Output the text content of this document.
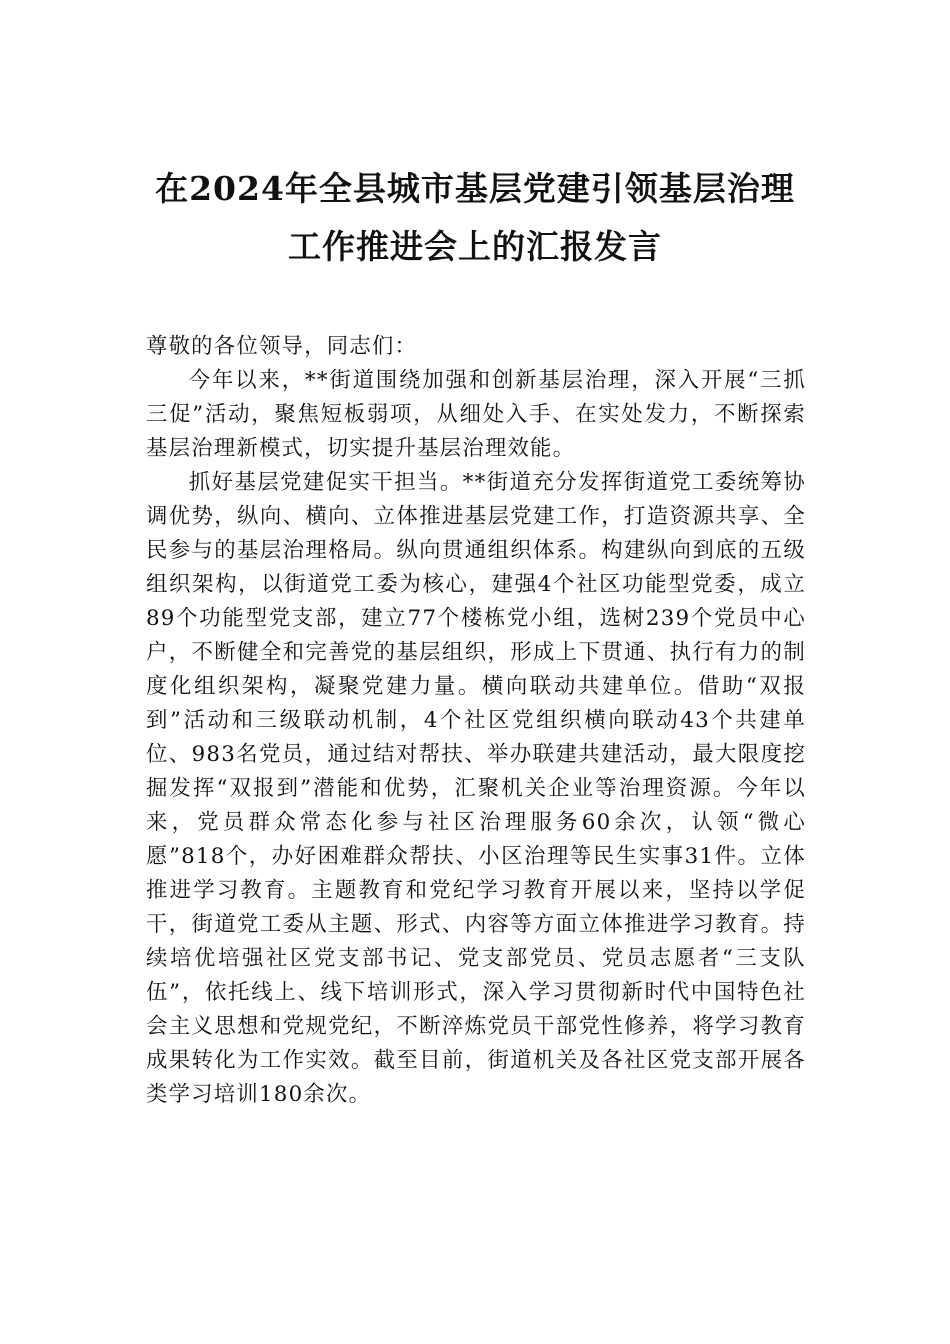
在2024年全县城市基层党建引领基层治理
工作推进会上的汇报发言

尊敬的各位领导，同志们：

今年以来，**街道围绕加强和创新基层治理，深入开展“三抓三促”活动，聚焦短板弱项，从细处入手、在实处发力，不断探索基层治理新模式，切实提升基层治理效能。

抓好基层党建促实干担当。**街道充分发挥街道党工委统筹协调优势，纵向、横向、立体推进基层党建工作，打造资源共享、全民参与的基层治理格局。纵向贯通组织体系。构建纵向到底的五级组织架构，以街道党工委为核心，建强4个社区功能型党委，成立89个功能型党支部，建立77个楼栋党小组，选树239个党员中心户，不断健全和完善党的基层组织，形成上下贯通、执行有力的制度化组织架构，凝聚党建力量。横向联动共建单位。借助“双报到”活动和三级联动机制，4个社区党组织横向联动43个共建单位、983名党员，通过结对帮扶、举办联建共建活动，最大限度挖掘发挥“双报到”潜能和优势，汇聚机关企业等治理资源。今年以来，党员群众常态化参与社区治理服务60余次，认领“微心愿”818个，办好困难群众帮扶、小区治理等民生实事31件。立体推进学习教育。主题教育和党纪学习教育开展以来，坚持以学促干，街道党工委从主题、形式、内容等方面立体推进学习教育。持续培优培强社区党支部书记、党支部党员、党员志愿者“三支队伍”，依托线上、线下培训形式，深入学习贯彻新时代中国特色社会主义思想和党规党纪，不断淬炼党员干部党性修养，将学习教育成果转化为工作实效。截至目前，街道机关及各社区党支部开展各类学习培训180余次。
